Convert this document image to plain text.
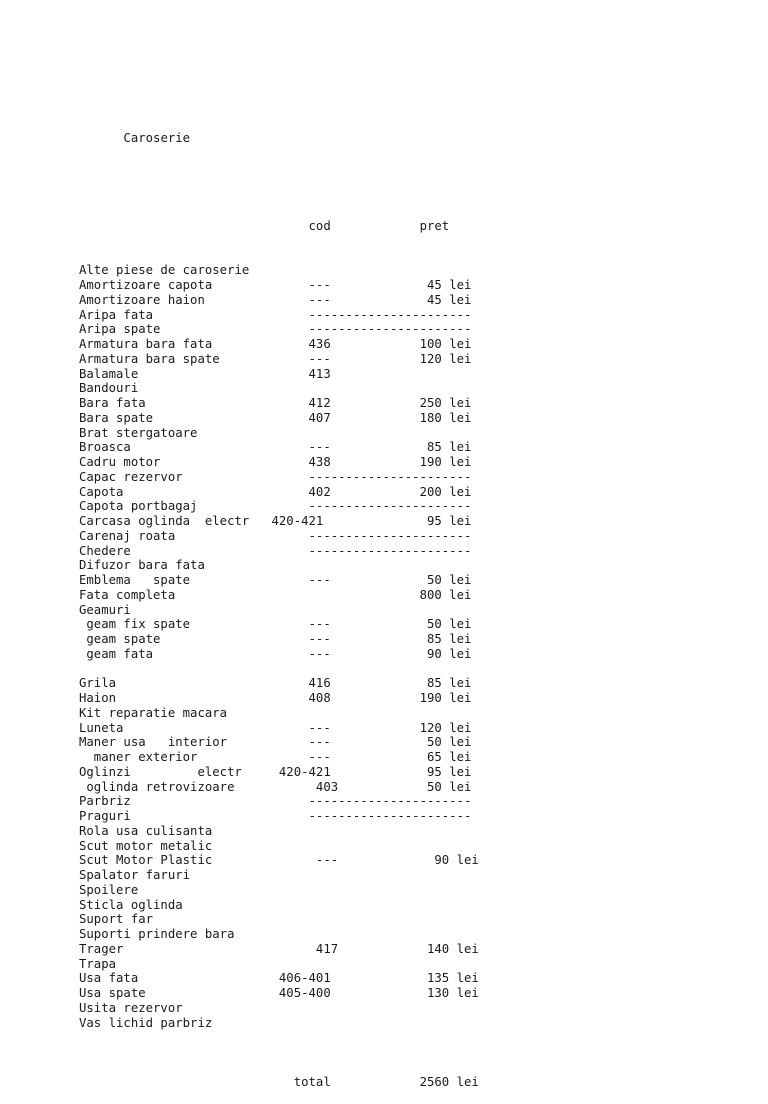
Caroserie

cod	pret

Alte piese de caroserie
Amortizoare capota	---	45 lei
Amortizoare haion	---	45 lei
Aripa fata	----------------------
Aripa spate	----------------------
Armatura bara fata	436	100 lei
Armatura bara spate	---	120 lei
Balamale	413
Bandouri
Bara fata	412	250 lei
Bara spate	407	180 lei
Brat stergatoare
Broasca	---	85 lei
Cadru motor	438	190 lei
Capac rezervor	----------------------
Capota	402	200 lei
Capota portbagaj	----------------------
Carcasa oglinda  electr 420-421	95 lei
Carenaj roata	----------------------
Chedere	----------------------
Difuzor bara fata
Emblema   spate	---	50 lei
Fata completa	800 lei
Geamuri
geam fix spate	---	50 lei
geam spate	---	85 lei
geam fata	---	90 lei
Grila	416	85 lei
Haion	408	190 lei
Kit reparatie macara
Luneta	---	120 lei
Maner usa   interior	---	50 lei
maner exterior	---	65 lei
Oglinzi         electr	420-421	95 lei
oglinda retrovizoare	403	50 lei
Parbriz	----------------------
Praguri	----------------------
Rola usa culisanta
Scut motor metalic
Scut Motor Plastic	---	90 lei
Spalator faruri
Spoilere
Sticla oglinda
Suport far
Suporti prindere bara
Trager	417	140 lei
Trapa
Usa fata	406-401	135 lei
Usa spate	405-400	130 lei
Usita rezervor
Vas lichid parbriz

total	2560 lei
